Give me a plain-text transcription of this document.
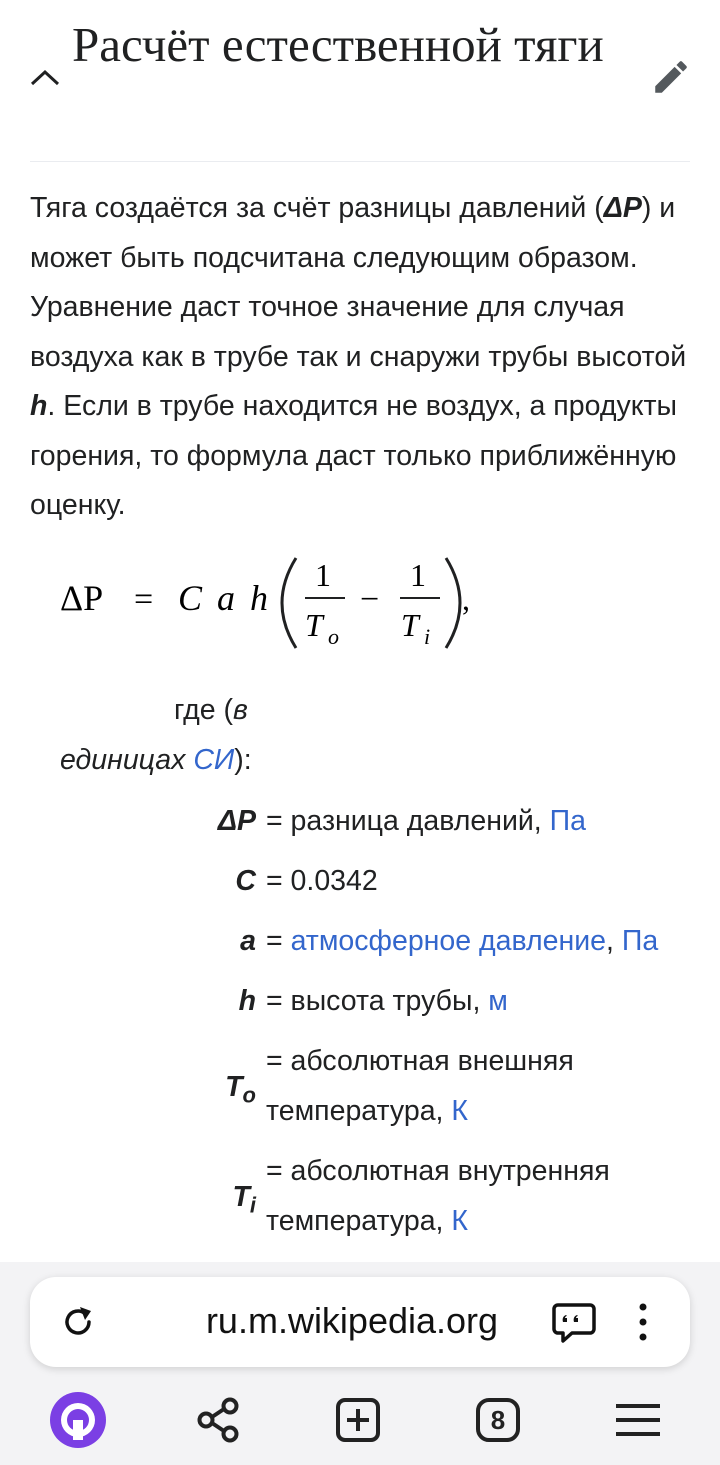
Расчёт естественной тяги
Тяга создаётся за счёт разницы давлений (ΔP) и может быть подсчитана следующим образом. Уравнение даст точное значение для случая воздуха как в трубе так и снаружи трубы высотой h. Если в трубе находится не воздух, а продукты горения, то формула даст только приближённую оценку.
ΔP = C a h
1
T o
−
1
T i
,
где (в
единицах СИ):
ΔP = разница давлений, Па
C = 0.0342
a = атмосферное давление, Па
h = высота трубы, м
$T_o$
= абсолютная внешняя
температура, К
$T_i$
= абсолютная внутренняя
температура, К
ru.m.wikipedia.org
8
